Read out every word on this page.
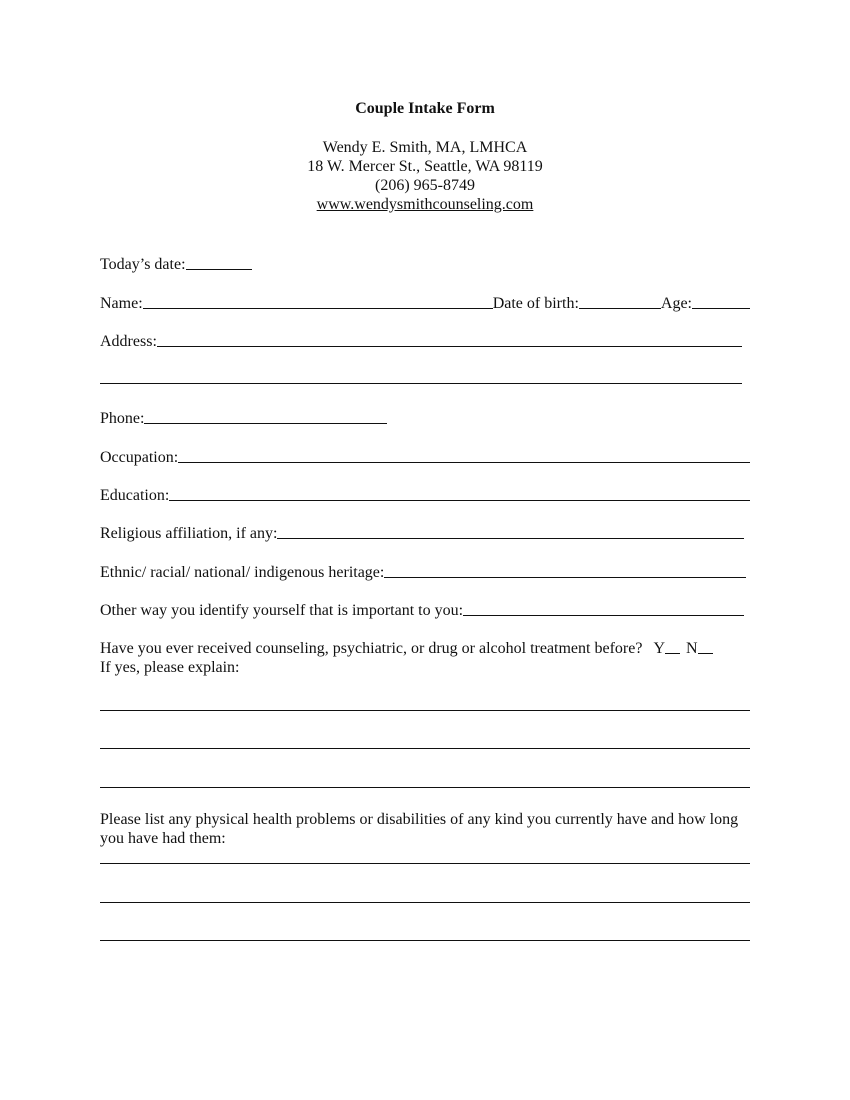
Couple Intake Form
Wendy E. Smith, MA, LMHCA
18 W. Mercer St., Seattle, WA 98119
(206) 965-8749
www.wendysmithcounseling.com
Today’s date:
Name:	Date of birth:	Age:
Address:
Phone:
Occupation:
Education:
Religious affiliation, if any:
Ethnic/ racial/ national/ indigenous heritage:
Other way you identify yourself that is important to you:
Have you ever received counseling, psychiatric, or drug or alcohol treatment before? Y N
If yes, please explain:
Please list any physical health problems or disabilities of any kind you currently have and how long you have had them:
